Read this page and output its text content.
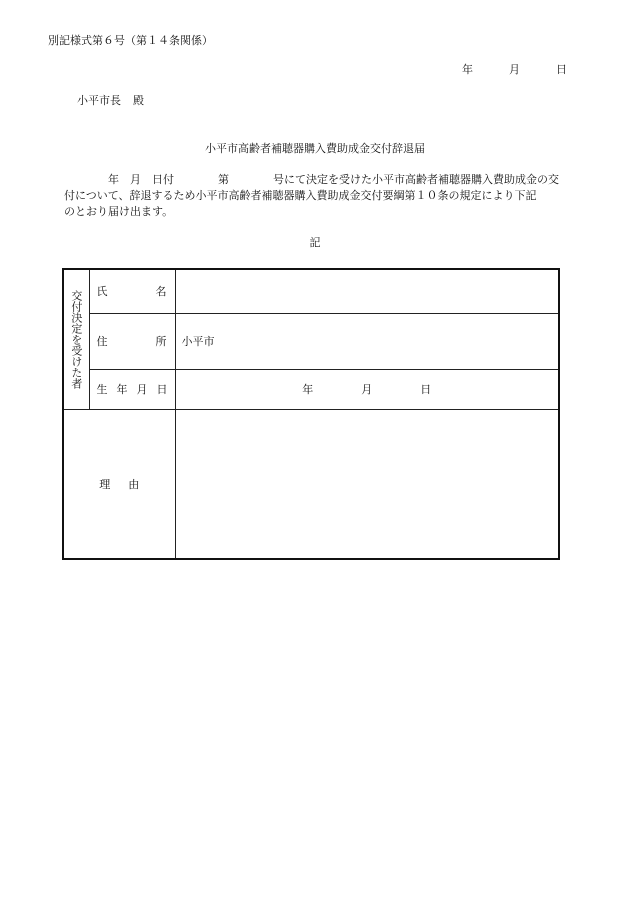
別記様式第６号（第１４条関係）
年	月	日
小平市長 殿
小平市高齢者補聴器購入費助成金交付辞退届
　　　　年　月　日付　　　　第　　　　号にて決定を受けた小平市高齢者補聴器購入費助成金の交
付について、辞退するため小平市高齢者補聴器購入費助成金交付要綱第１０条の規定により下記
のとおり届け出ます。
記
交付決定を受けた者	氏 名	

	住 所	小平市

	生 年 月 日	年 月 日

理由		
